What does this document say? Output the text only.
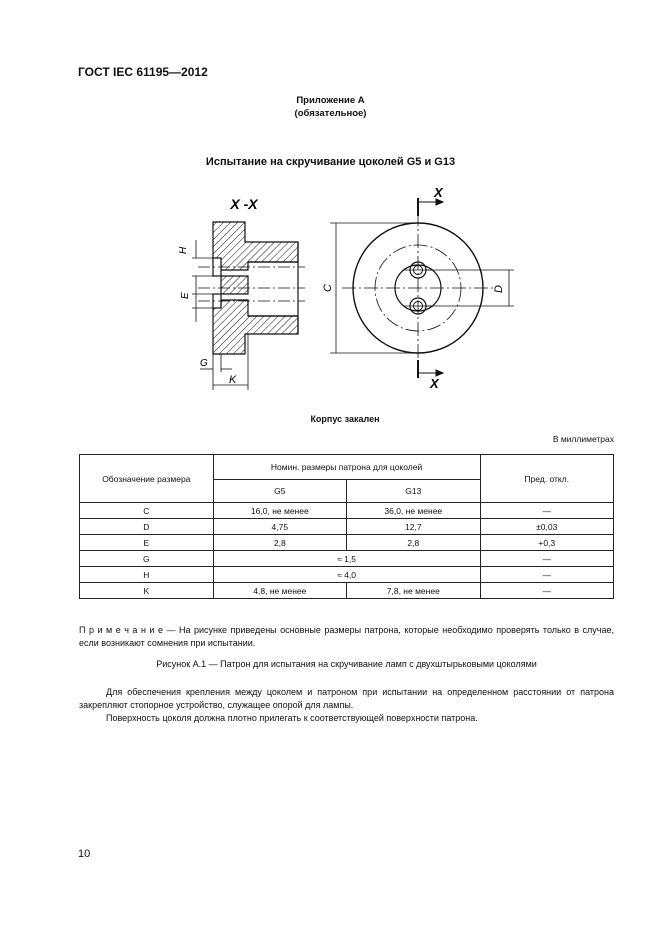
ГОСТ IEC 61195—2012
Приложение А
(обязательное)
Испытание на скручивание цоколей G5 и G13
X -X
H
E
G
K
C	D
X
X
Корпус закален
В миллиметрах
Обозначение размера	Номин. размеры патрона для цоколей		Пред. откл.
	G5	G13	
C	16,0, не менее	36,0, не менее	—
D	4,75	12,7	±0,03
E	2,8	2,8	+0,3
G	≈ 1,5		—
H	≈ 4,0		—
K	4,8, не менее	7,8, не менее	—
П р и м е ч а н и е — На рисунке приведены основные размеры патрона, которые необходимо проверять только в случае, если возникают сомнения при испытании.
Рисунок А.1 — Патрон для испытания на скручивание ламп с двухштырьковыми цоколями
Для обеспечения крепления между цоколем и патроном при испытании на определенном расстоянии от патрона закрепляют стопорное устройство, служащее опорой для лампы.
Поверхность цоколя должна плотно прилегать к соответствующей поверхности патрона.
10
